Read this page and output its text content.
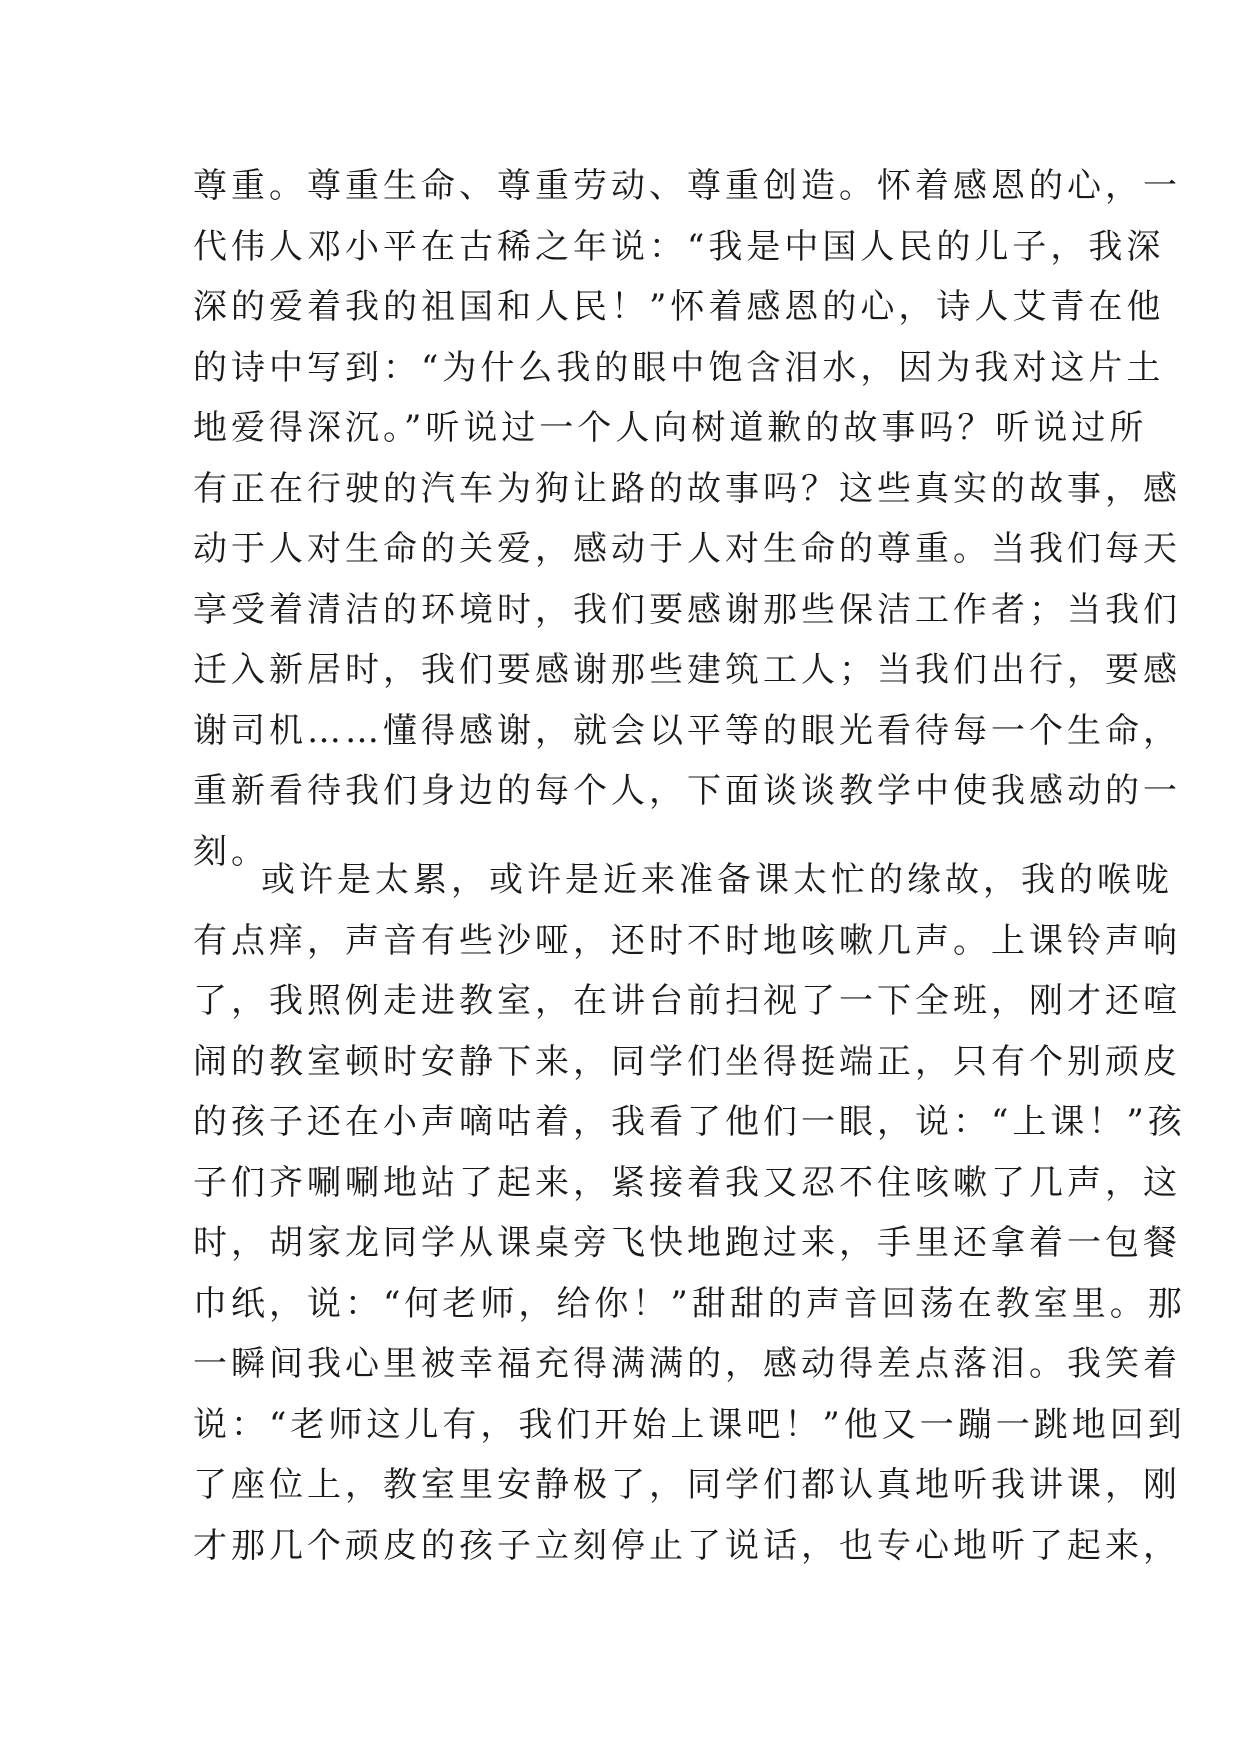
尊重。尊重生命、尊重劳动、尊重创造。怀着感恩的心，一
代伟人邓小平在古稀之年说：“我是中国人民的儿子，我深
深的爱着我的祖国和人民！”怀着感恩的心，诗人艾青在他
的诗中写到：“为什么我的眼中饱含泪水，因为我对这片土
地爱得深沉。”听说过一个人向树道歉的故事吗？听说过所
有正在行驶的汽车为狗让路的故事吗？这些真实的故事，感
动于人对生命的关爱，感动于人对生命的尊重。当我们每天
享受着清洁的环境时，我们要感谢那些保洁工作者；当我们
迁入新居时，我们要感谢那些建筑工人；当我们出行，要感
谢司机……懂得感谢，就会以平等的眼光看待每一个生命，
重新看待我们身边的每个人，下面谈谈教学中使我感动的一
刻。
或许是太累，或许是近来准备课太忙的缘故，我的喉咙
有点痒，声音有些沙哑，还时不时地咳嗽几声。上课铃声响
了，我照例走进教室，在讲台前扫视了一下全班，刚才还喧
闹的教室顿时安静下来，同学们坐得挺端正，只有个别顽皮
的孩子还在小声嘀咕着，我看了他们一眼，说：“上课！”孩
子们齐唰唰地站了起来，紧接着我又忍不住咳嗽了几声，这
时，胡家龙同学从课桌旁飞快地跑过来，手里还拿着一包餐
巾纸，说：“何老师，给你！”甜甜的声音回荡在教室里。那
一瞬间我心里被幸福充得满满的，感动得差点落泪。我笑着
说：“老师这儿有，我们开始上课吧！”他又一蹦一跳地回到
了座位上，教室里安静极了，同学们都认真地听我讲课，刚
才那几个顽皮的孩子立刻停止了说话，也专心地听了起来，
